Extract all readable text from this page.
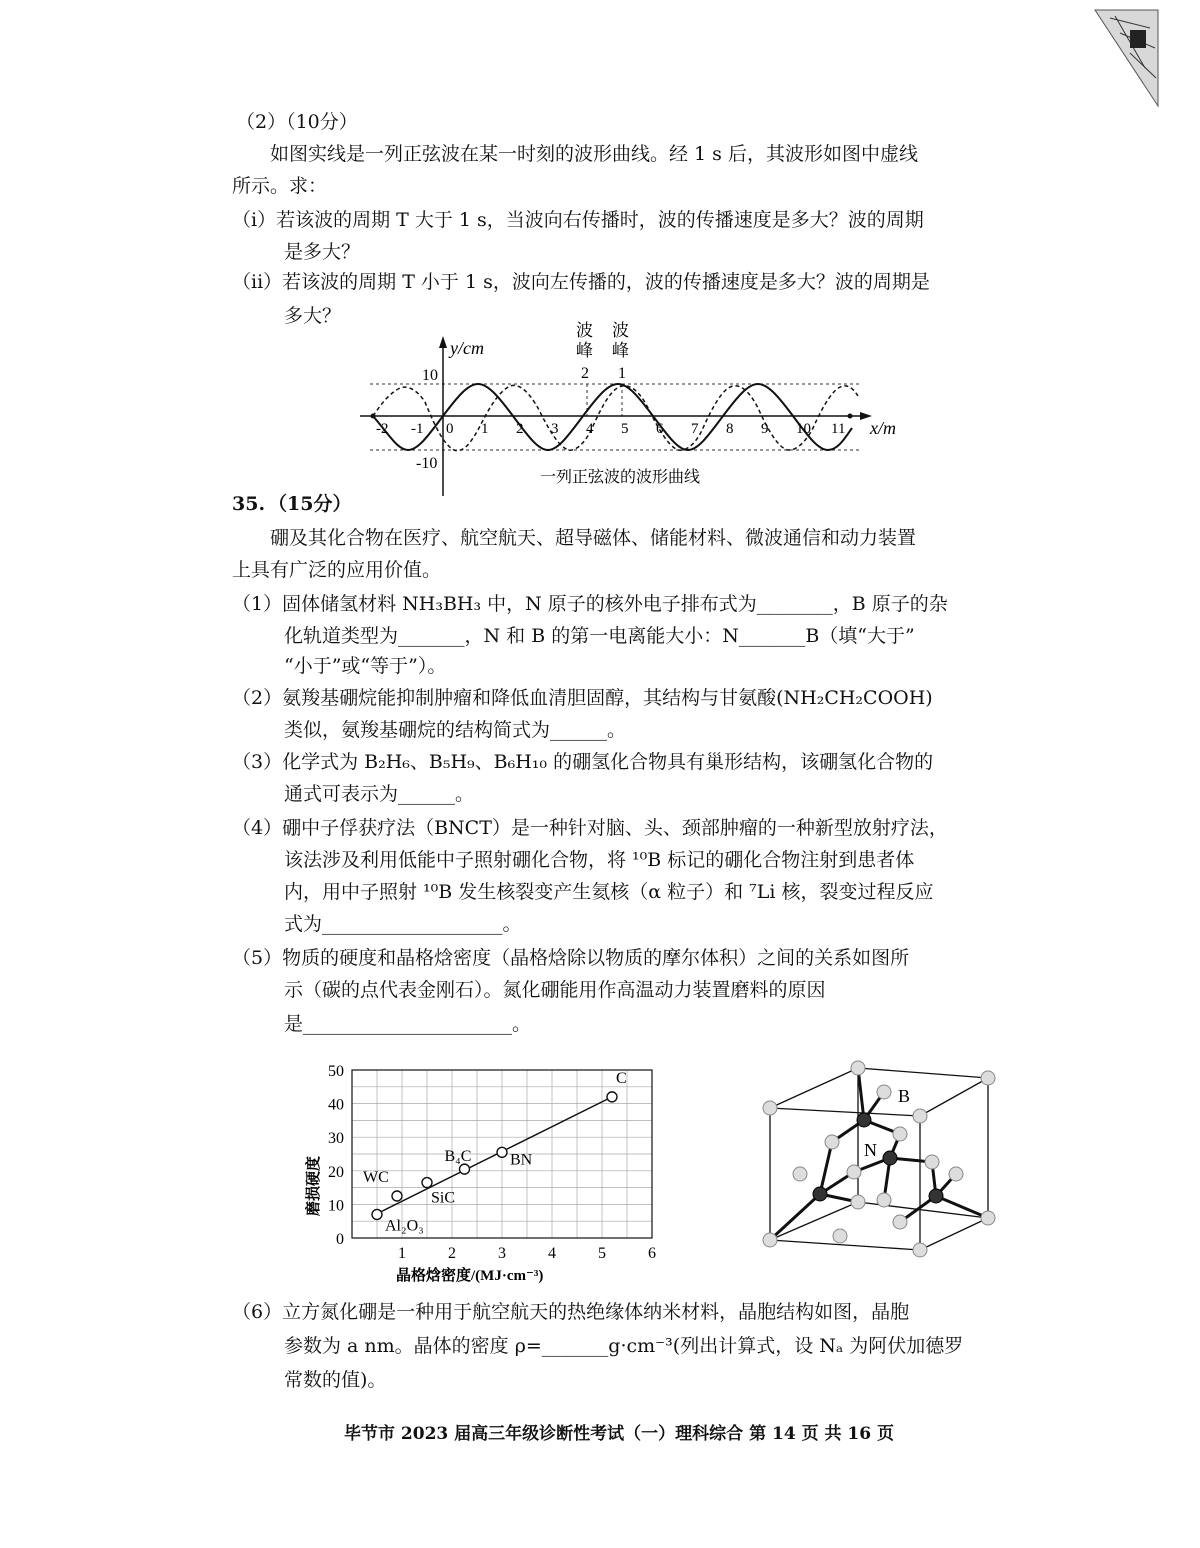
（2）（10分）
如图实线是一列正弦波在某一时刻的波形曲线。经 1 s 后，其波形如图中虚线
所示。求：
（i）若该波的周期 T 大于 1 s，当波向右传播时，波的传播速度是多大？波的周期
是多大？
（ii）若该波的周期 T 小于 1 s，波向左传播的，波的传播速度是多大？波的周期是
多大？
y/cm
x/m
10
-10
波
峰
2
波
峰
1
-2 -1 0 1 2 3 4 5 6 7 8 9 10 11
一列正弦波的波形曲线
35. （15分）
硼及其化合物在医疗、航空航天、超导磁体、储能材料、微波通信和动力装置
上具有广泛的应用价值。
（1）固体储氢材料 NH₃BH₃ 中，N 原子的核外电子排布式为________，B 原子的杂
化轨道类型为_______，N 和 B 的第一电离能大小：N_______B（填“大于”
“小于”或“等于”）。
（2）氨羧基硼烷能抑制肿瘤和降低血清胆固醇，其结构与甘氨酸(NH₂CH₂COOH)
类似，氨羧基硼烷的结构简式为______。
（3）化学式为 B₂H₆、B₅H₉、B₆H₁₀ 的硼氢化合物具有巢形结构，该硼氢化合物的
通式可表示为______。
（4）硼中子俘获疗法（BNCT）是一种针对脑、头、颈部肿瘤的一种新型放射疗法，
该法涉及利用低能中子照射硼化合物，将 ¹⁰B 标记的硼化合物注射到患者体
内，用中子照射 ¹⁰B 发生核裂变产生氦核（α 粒子）和 ⁷Li 核，裂变过程反应
式为___________________。
（5）物质的硬度和晶格焓密度（晶格焓除以物质的摩尔体积）之间的关系如图所
示（碳的点代表金刚石）。氮化硼能用作高温动力装置磨料的原因
是______________________。
0
10
20
30
40
50
1	2	3	4	5	6
Al₂O₃
WC
SiC
B₄C BN
C
磨损硬度
晶格焓密度/(MJ·cm⁻³)
B
N
（6）立方氮化硼是一种用于航空航天的热绝缘体纳米材料，晶胞结构如图，晶胞
参数为 a nm。晶体的密度 ρ=_______g·cm⁻³(列出计算式，设 Nₐ 为阿伏加德罗
常数的值)。
毕节市 2023 届高三年级诊断性考试（一）理科综合 第 14 页 共 16 页
